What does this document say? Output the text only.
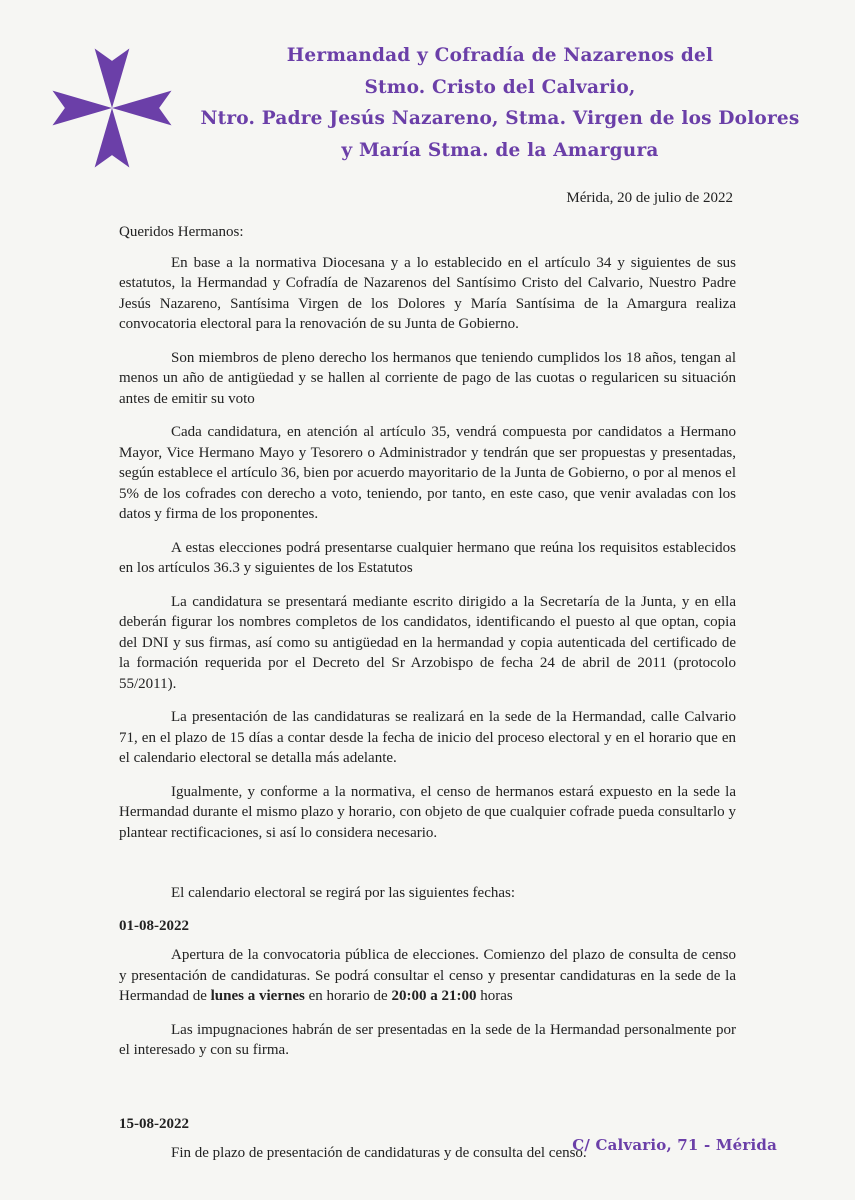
Hermandad y Cofradía de Nazarenos del
Stmo. Cristo del Calvario,
Ntro. Padre Jesús Nazareno, Stma. Virgen de los Dolores
y María Stma. de la Amargura
Mérida, 20 de julio de 2022

Queridos Hermanos:

En base a la normativa Diocesana y a lo establecido en el artículo 34 y siguientes de sus estatutos, la Hermandad y Cofradía de Nazarenos del Santísimo Cristo del Calvario, Nuestro Padre Jesús Nazareno, Santísima Virgen de los Dolores y María Santísima de la Amargura realiza convocatoria electoral para la renovación de su Junta de Gobierno.

Son miembros de pleno derecho los hermanos que teniendo cumplidos los 18 años, tengan al menos un año de antigüedad y se hallen al corriente de pago de las cuotas o regularicen su situación antes de emitir su voto

Cada candidatura, en atención al artículo 35, vendrá compuesta por candidatos a Hermano Mayor, Vice Hermano Mayo y Tesorero o Administrador y tendrán que ser propuestas y presentadas, según establece el artículo 36, bien por acuerdo mayoritario de la Junta de Gobierno, o por al menos el 5% de los cofrades con derecho a voto, teniendo, por tanto, en este caso, que venir avaladas con los datos y firma de los proponentes.

A estas elecciones podrá presentarse cualquier hermano que reúna los requisitos establecidos en los artículos 36.3 y siguientes de los Estatutos

La candidatura se presentará mediante escrito dirigido a la Secretaría de la Junta, y en ella deberán figurar los nombres completos de los candidatos, identificando el puesto al que optan, copia del DNI y sus firmas, así como su antigüedad en la hermandad y copia autenticada del certificado de la formación requerida por el Decreto del Sr Arzobispo de fecha 24 de abril de 2011 (protocolo 55/2011).

La presentación de las candidaturas se realizará en la sede de la Hermandad, calle Calvario 71, en el plazo de 15 días a contar desde la fecha de inicio del proceso electoral y en el horario que en el calendario electoral se detalla más adelante.

Igualmente, y conforme a la normativa, el censo de hermanos estará expuesto en la sede la Hermandad durante el mismo plazo y horario, con objeto de que cualquier cofrade pueda consultarlo y plantear rectificaciones, si así lo considera necesario.

El calendario electoral se regirá por las siguientes fechas:

01-08-2022

Apertura de la convocatoria pública de elecciones. Comienzo del plazo de consulta de censo y presentación de candidaturas. Se podrá consultar el censo y presentar candidaturas en la sede de la Hermandad de lunes a viernes en horario de 20:00 a 21:00 horas

Las impugnaciones habrán de ser presentadas en la sede de la Hermandad personalmente por el interesado y con su firma.

15-08-2022

Fin de plazo de presentación de candidaturas y de consulta del censo.

C/ Calvario, 71 - Mérida
